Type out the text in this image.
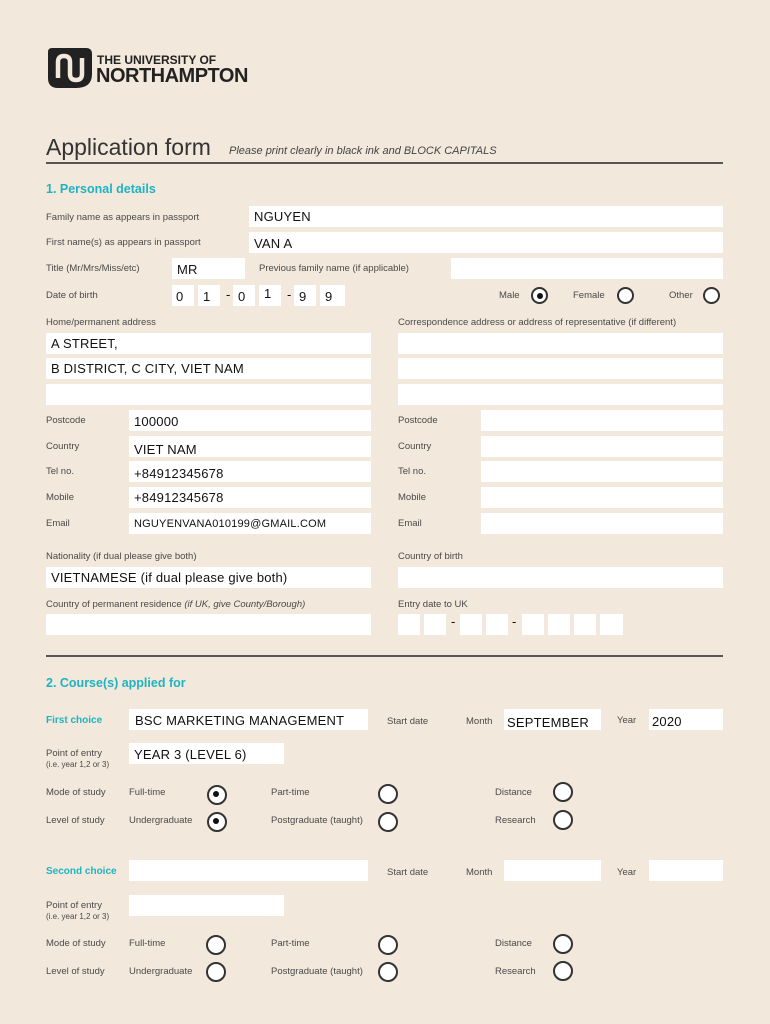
THE UNIVERSITY OF
NORTHAMPTON
Application form Please print clearly in black ink and BLOCK CAPITALS
1. Personal details
Family name as appears in passport	NGUYEN
First name(s) as appears in passport	VAN A
Title (Mr/Mrs/Miss/etc)	MR	Previous family name (if applicable)
Date of birth	0 1 - 0 1 - 9 9	Male	Female	Other
Home/permanent address	Correspondence address or address of representative (if different)
A STREET,
B DISTRICT, C CITY, VIET NAM
Postcode	100000	Postcode
Country	VIET NAM	Country
Tel no.	+84912345678	Tel no.
Mobile	+84912345678	Mobile
Email	NGUYENVANA010199@GMAIL.COM	Email
Nationality (if dual please give both)
VIETNAMESE (if dual please give both)
Country of birth
Country of permanent residence (if UK, give County/Borough)	Entry date to UK
-	-
2. Course(s) applied for
First choice	BSC MARKETING MANAGEMENT	Start date	Month SEPTEMBER	Year 2020
Point of entry
(i.e. year 1,2 or 3)
YEAR 3 (LEVEL 6)
Mode of study Full-time	Part-time	Distance
Level of study	Undergraduate	Postgraduate (taught)	Research
Second choice	Start date	Month	Year
Point of entry
(i.e. year 1,2 or 3)
Mode of study Full-time	Part-time	Distance
Level of study	Undergraduate	Postgraduate (taught)	Research
